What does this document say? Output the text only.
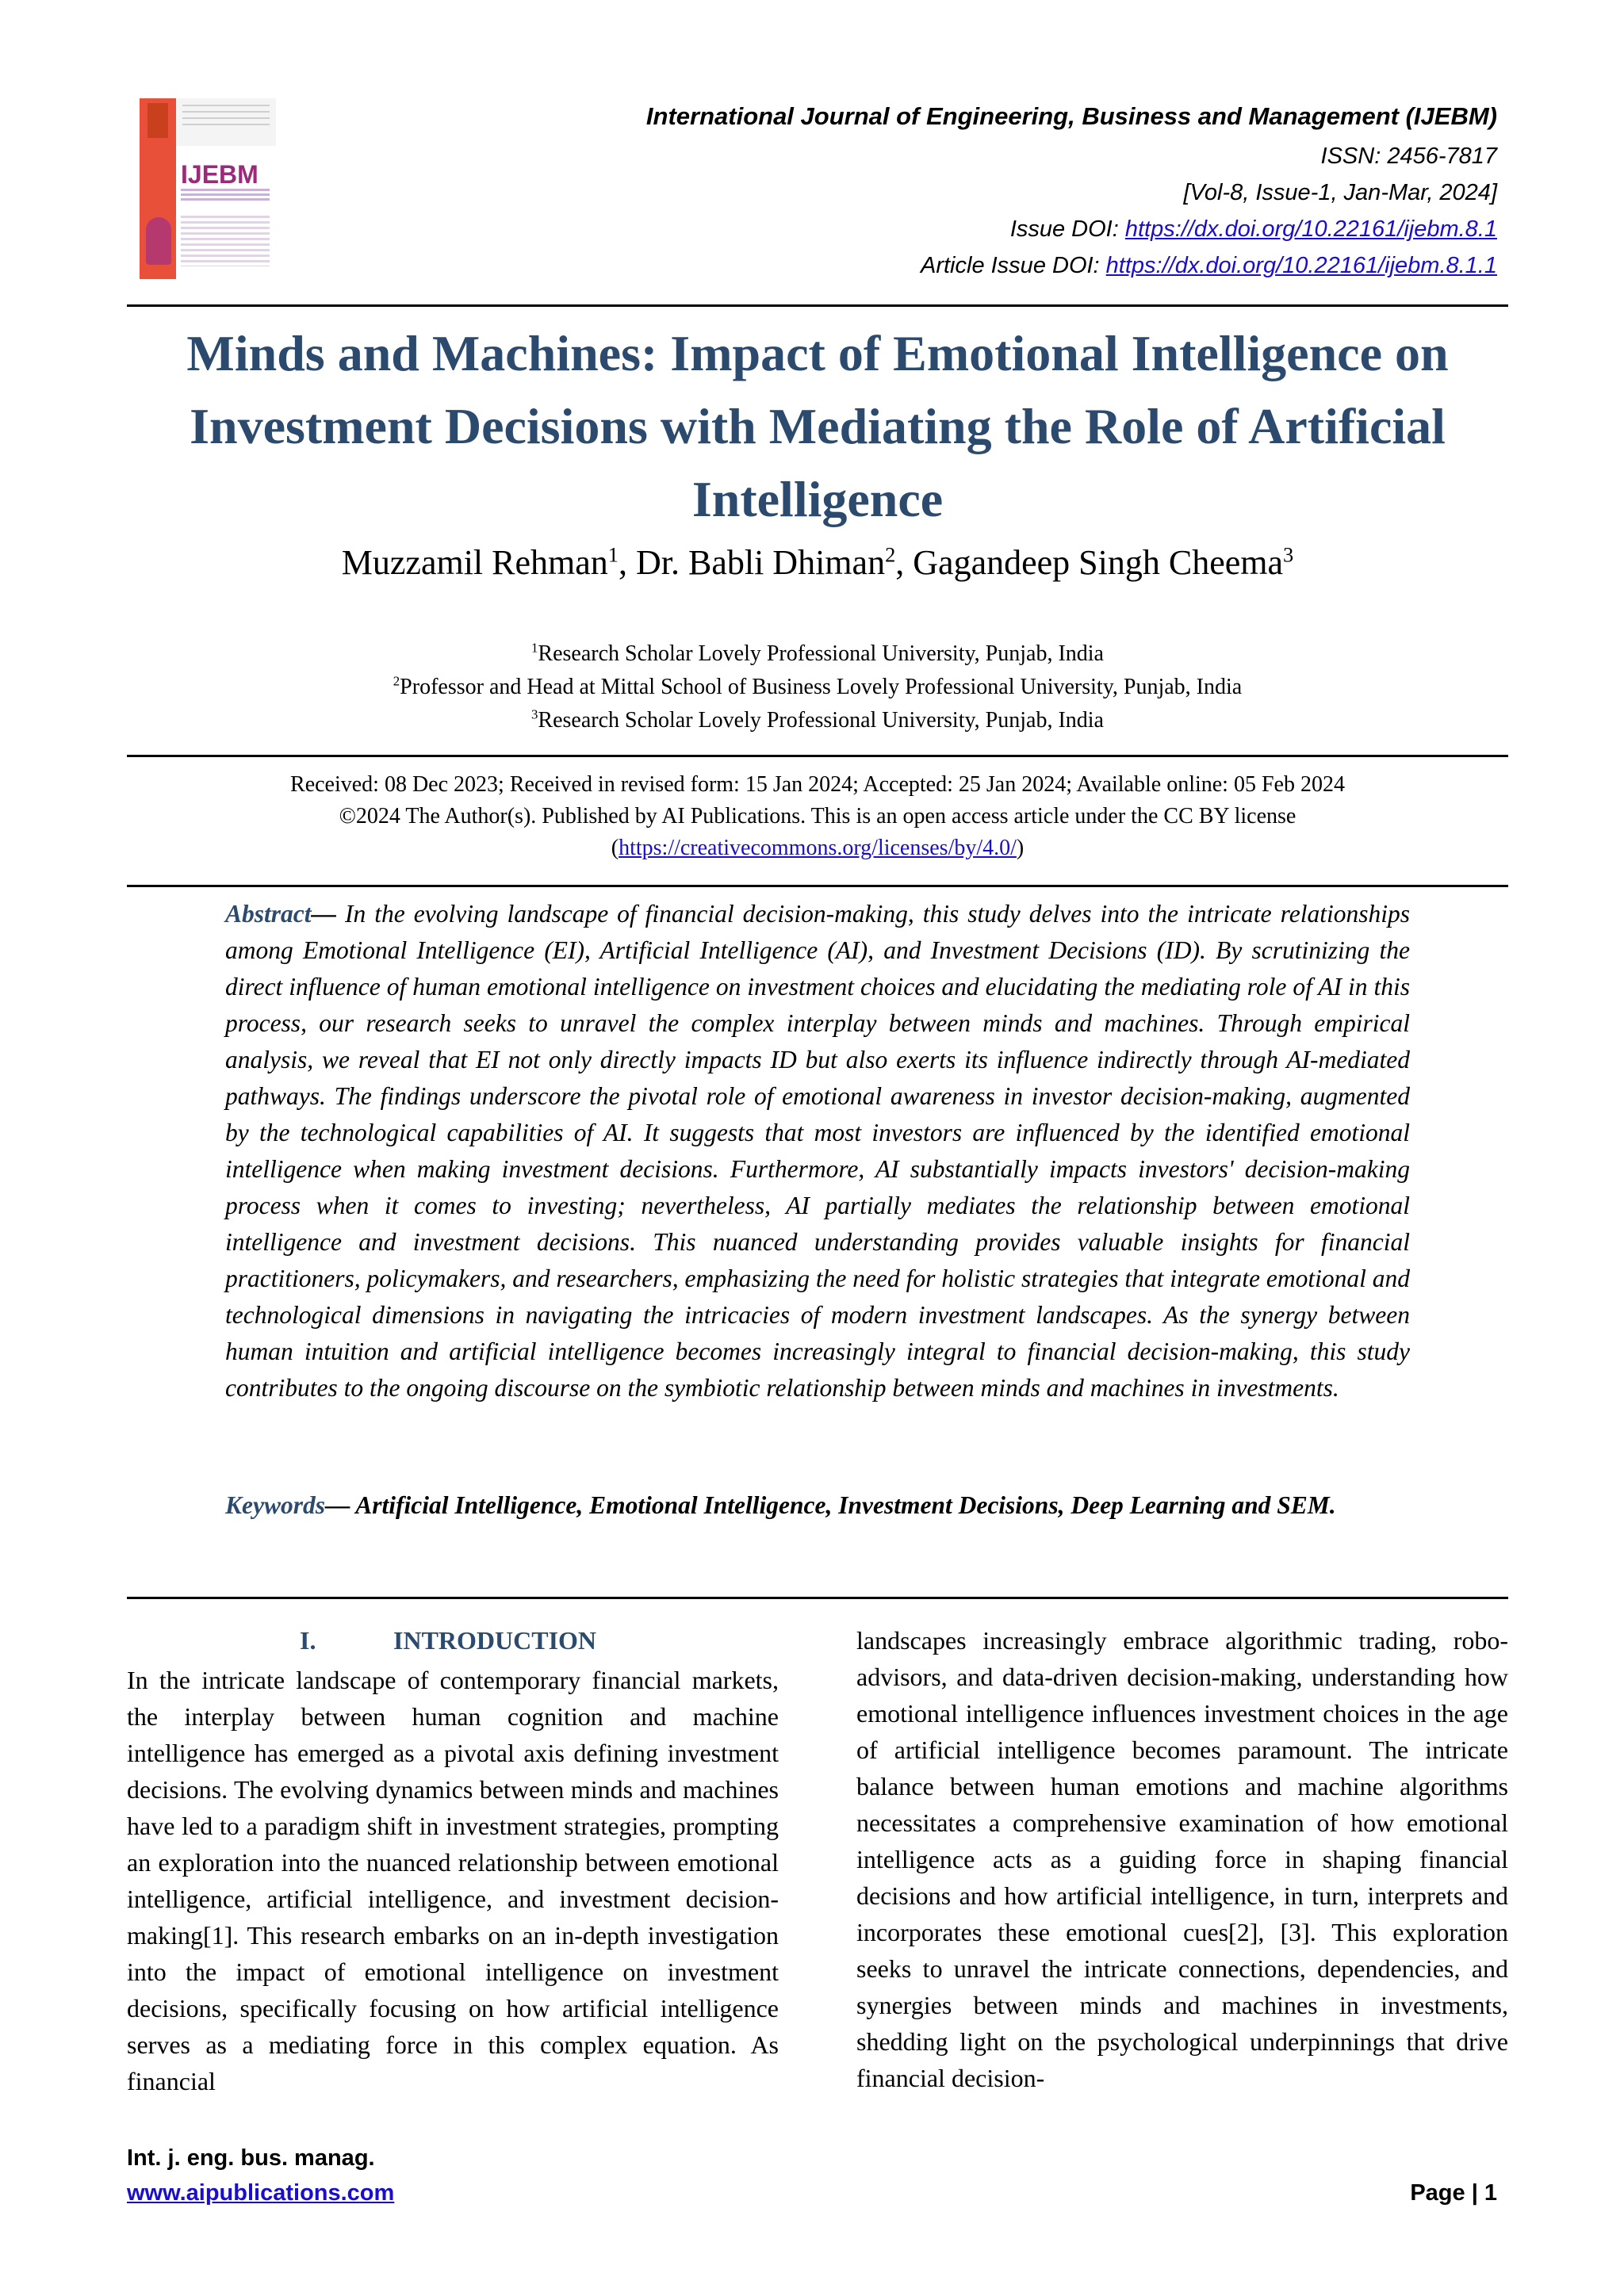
IJEBM
International Journal of Engineering, Business and Management (IJEBM)
ISSN: 2456-7817
[Vol-8, Issue-1, Jan-Mar, 2024]
Issue DOI: https://dx.doi.org/10.22161/ijebm.8.1
Article Issue DOI: https://dx.doi.org/10.22161/ijebm.8.1.1
Minds and Machines: Impact of Emotional Intelligence on Investment Decisions with Mediating the Role of Artificial Intelligence
Muzzamil Rehman$^1$, Dr. Babli Dhiman$^2$, Gagandeep Singh Cheema$^3$
$^1$Research Scholar Lovely Professional University, Punjab, India
$^2$Professor and Head at Mittal School of Business Lovely Professional University, Punjab, India
$^3$Research Scholar Lovely Professional University, Punjab, India
Received: 08 Dec 2023; Received in revised form: 15 Jan 2024; Accepted: 25 Jan 2024; Available online: 05 Feb 2024
©2024 The Author(s). Published by AI Publications. This is an open access article under the CC BY license
(https://creativecommons.org/licenses/by/4.0/)
Abstract— In the evolving landscape of financial decision-making, this study delves into the intricate relationships among Emotional Intelligence (EI), Artificial Intelligence (AI), and Investment Decisions (ID). By scrutinizing the direct influence of human emotional intelligence on investment choices and elucidating the mediating role of AI in this process, our research seeks to unravel the complex interplay between minds and machines. Through empirical analysis, we reveal that EI not only directly impacts ID but also exerts its influence indirectly through AI-mediated pathways. The findings underscore the pivotal role of emotional awareness in investor decision-making, augmented by the technological capabilities of AI. It suggests that most investors are influenced by the identified emotional intelligence when making investment decisions. Furthermore, AI substantially impacts investors' decision-making process when it comes to investing; nevertheless, AI partially mediates the relationship between emotional intelligence and investment decisions. This nuanced understanding provides valuable insights for financial practitioners, policymakers, and researchers, emphasizing the need for holistic strategies that integrate emotional and technological dimensions in navigating the intricacies of modern investment landscapes. As the synergy between human intuition and artificial intelligence becomes increasingly integral to financial decision-making, this study contributes to the ongoing discourse on the symbiotic relationship between minds and machines in investments.
Keywords— Artificial Intelligence, Emotional Intelligence, Investment Decisions, Deep Learning and SEM.
I.	INTRODUCTION
In the intricate landscape of contemporary financial markets, the interplay between human cognition and machine intelligence has emerged as a pivotal axis defining investment decisions. The evolving dynamics between minds and machines have led to a paradigm shift in investment strategies, prompting an exploration into the nuanced relationship between emotional intelligence, artificial intelligence, and investment decision-making[1]. This research embarks on an in-depth investigation into the impact of emotional intelligence on investment decisions, specifically focusing on how artificial intelligence serves as a mediating force in this complex equation. As financial
landscapes increasingly embrace algorithmic trading, robo-advisors, and data-driven decision-making, understanding how emotional intelligence influences investment choices in the age of artificial intelligence becomes paramount. The intricate balance between human emotions and machine algorithms necessitates a comprehensive examination of how emotional intelligence acts as a guiding force in shaping financial decisions and how artificial intelligence, in turn, interprets and incorporates these emotional cues[2], [3]. This exploration seeks to unravel the intricate connections, dependencies, and synergies between minds and machines in investments, shedding light on the psychological underpinnings that drive financial decision-
Int. j. eng. bus. manag.
www.aipublications.com	Page | 1
